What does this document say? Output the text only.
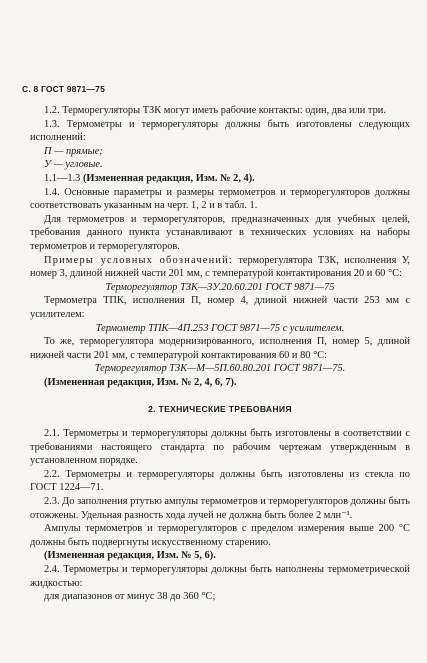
С. 8 ГОСТ 9871—75

1.2. Терморегуляторы ТЗК могут иметь рабочие контакты: один, два или три.

1.3. Термометры и терморегуляторы должны быть изготовлены следующих исполнений:

П — прямые;

У — угловые.

1.1—1.3 (Измененная редакция, Изм. № 2, 4).

1.4. Основные параметры и размеры термометров и терморегуляторов должны соответствовать указанным на черт. 1, 2 и в табл. 1.

Для термометров и терморегуляторов, предназначенных для учебных целей, требования данного пункта устанавливают в технических условиях на наборы термометров и терморегуляторов.

Примеры условных обозначений: терморегулятора ТЗК, исполнения У, номер 3, длиной нижней части 201 мм, с температурой контактирования 20 и 60 °С:

Терморегулятор ТЗК—3У.20.60.201 ГОСТ 9871—75

Термометра ТПК, исполнения П, номер 4, длиной нижней части 253 мм с усилителем:

Термометр ТПК—4П.253 ГОСТ 9871—75 с усилителем.

То же, терморегулятора модернизированного, исполнения П, номер 5, длиной нижней части 201 мм, с температурой контактирования 60 и 80 °С:

Терморегулятор ТЗК—М—5П.60.80.201 ГОСТ 9871—75.

(Измененная редакция, Изм. № 2, 4, 6, 7).

2. ТЕХНИЧЕСКИЕ ТРЕБОВАНИЯ

2.1. Термометры и терморегуляторы должны быть изготовлены в соответствии с требованиями настоящего стандарта по рабочим чертежам утвержденным в установленном порядке.

2.2. Термометры и терморегуляторы должны быть изготовлены из стекла по ГОСТ 1224—71.

2.3. До заполнения ртутью ампулы термометров и терморегуляторов должны быть отожжены. Удельная разность хода лучей не должна быть более 2 млн⁻¹.

Ампулы термометров и терморегуляторов с пределом измерения выше 200 °С должны быть подвергнуты искусственному старению.

(Измененная редакция, Изм. № 5, 6).

2.4. Термометры и терморегуляторы должны быть наполнены термометрической жидкостью:

для диапазонов от минус 38 до 360 °С;
